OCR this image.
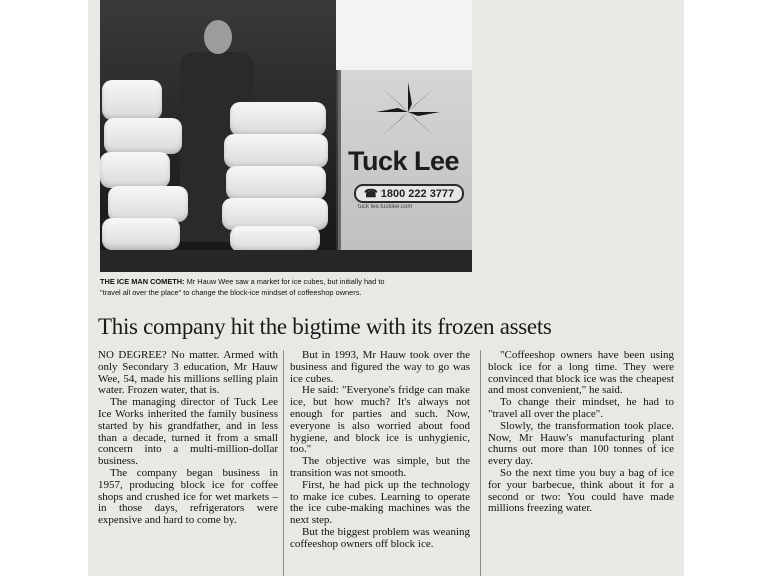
Tuck Lee
☎ 1800 222 3777
tuck lee.tucklee.com
THE ICE MAN COMETH: Mr Hauw Wee saw a market for ice cubes, but initially had to
"travel all over the place" to change the block-ice mindset of coffeeshop owners.
This company hit the bigtime with its frozen assets

NO DEGREE? No matter. Armed with only Secondary 3 education, Mr Hauw Wee, 54, made his millions selling plain water. Frozen water, that is.

The managing director of Tuck Lee Ice Works inherited the family business started by his grandfather, and in less than a decade, turned it from a small concern into a multi-million-dollar business.

The company began business in 1957, producing block ice for coffee shops and crushed ice for wet markets – in those days, refrigerators were expensive and hard to come by.

But in 1993, Mr Hauw took over the business and figured the way to go was ice cubes.

He said: "Everyone's fridge can make ice, but how much? It's always not enough for parties and such. Now, everyone is also worried about food hygiene, and block ice is unhygienic, too."

The objective was simple, but the transition was not smooth.

First, he had pick up the technology to make ice cubes. Learning to operate the ice cube-making machines was the next step.

But the biggest problem was weaning coffeeshop owners off block ice.

"Coffeeshop owners have been using block ice for a long time. They were convinced that block ice was the cheapest and most convenient," he said.

To change their mindset, he had to "travel all over the place".

Slowly, the transformation took place. Now, Mr Hauw's manufacturing plant churns out more than 100 tonnes of ice every day.

So the next time you buy a bag of ice for your barbecue, think about it for a second or two: You could have made millions freezing water.
